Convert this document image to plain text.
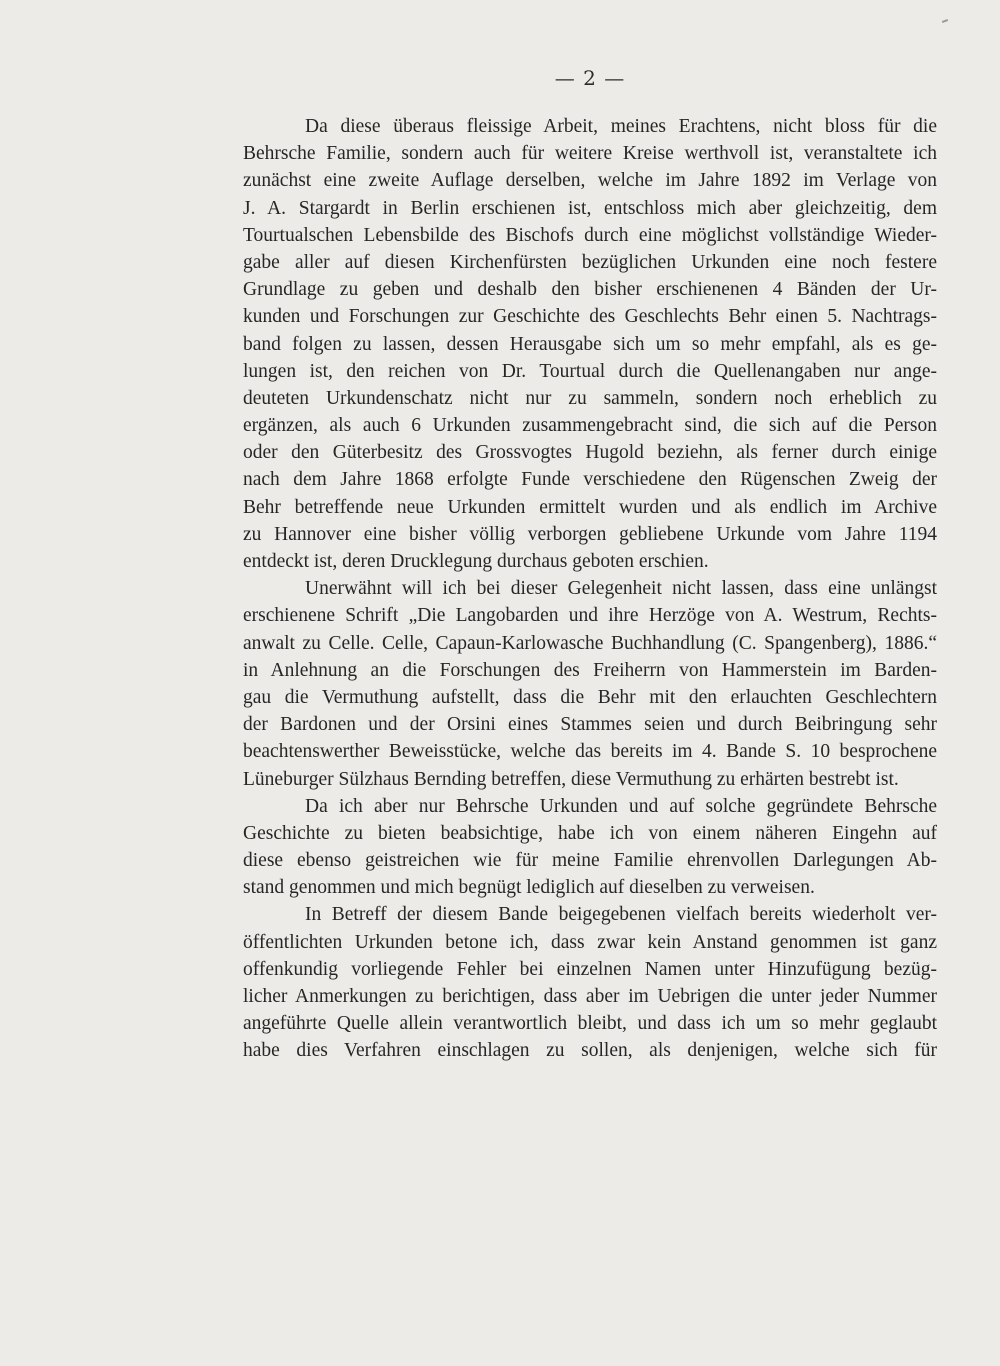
— 2 —
Da diese überaus fleissige Arbeit, meines Erachtens, nicht bloss für die
Behrsche Familie, sondern auch für weitere Kreise werthvoll ist, veranstaltete ich
zunächst eine zweite Auflage derselben, welche im Jahre 1892 im Verlage von
J. A. Stargardt in Berlin erschienen ist, entschloss mich aber gleichzeitig, dem
Tourtualschen Lebensbilde des Bischofs durch eine möglichst vollständige Wieder-
gabe aller auf diesen Kirchenfürsten bezüglichen Urkunden eine noch festere
Grundlage zu geben und deshalb den bisher erschienenen 4 Bänden der Ur-
kunden und Forschungen zur Geschichte des Geschlechts Behr einen 5. Nachtrags-
band folgen zu lassen, dessen Herausgabe sich um so mehr empfahl, als es ge-
lungen ist, den reichen von Dr. Tourtual durch die Quellenangaben nur ange-
deuteten Urkundenschatz nicht nur zu sammeln, sondern noch erheblich zu
ergänzen, als auch 6 Urkunden zusammengebracht sind, die sich auf die Person
oder den Güterbesitz des Grossvogtes Hugold beziehn, als ferner durch einige
nach dem Jahre 1868 erfolgte Funde verschiedene den Rügenschen Zweig der
Behr betreffende neue Urkunden ermittelt wurden und als endlich im Archive
zu Hannover eine bisher völlig verborgen gebliebene Urkunde vom Jahre 1194
entdeckt ist, deren Drucklegung durchaus geboten erschien.
Unerwähnt will ich bei dieser Gelegenheit nicht lassen, dass eine unlängst
erschienene Schrift „Die Langobarden und ihre Herzöge von A. Westrum, Rechts-
anwalt zu Celle. Celle, Capaun-Karlowasche Buchhandlung (C. Spangenberg), 1886.“
in Anlehnung an die Forschungen des Freiherrn von Hammerstein im Barden-
gau die Vermuthung aufstellt, dass die Behr mit den erlauchten Geschlechtern
der Bardonen und der Orsini eines Stammes seien und durch Beibringung sehr
beachtenswerther Beweisstücke, welche das bereits im 4. Bande S. 10 besprochene
Lüneburger Sülzhaus Bernding betreffen, diese Vermuthung zu erhärten bestrebt ist.
Da ich aber nur Behrsche Urkunden und auf solche gegründete Behrsche
Geschichte zu bieten beabsichtige, habe ich von einem näheren Eingehn auf
diese ebenso geistreichen wie für meine Familie ehrenvollen Darlegungen Ab-
stand genommen und mich begnügt lediglich auf dieselben zu verweisen.
In Betreff der diesem Bande beigegebenen vielfach bereits wiederholt ver-
öffentlichten Urkunden betone ich, dass zwar kein Anstand genommen ist ganz
offenkundig vorliegende Fehler bei einzelnen Namen unter Hinzufügung bezüg-
licher Anmerkungen zu berichtigen, dass aber im Uebrigen die unter jeder Nummer
angeführte Quelle allein verantwortlich bleibt, und dass ich um so mehr geglaubt
habe dies Verfahren einschlagen zu sollen, als denjenigen, welche sich für
